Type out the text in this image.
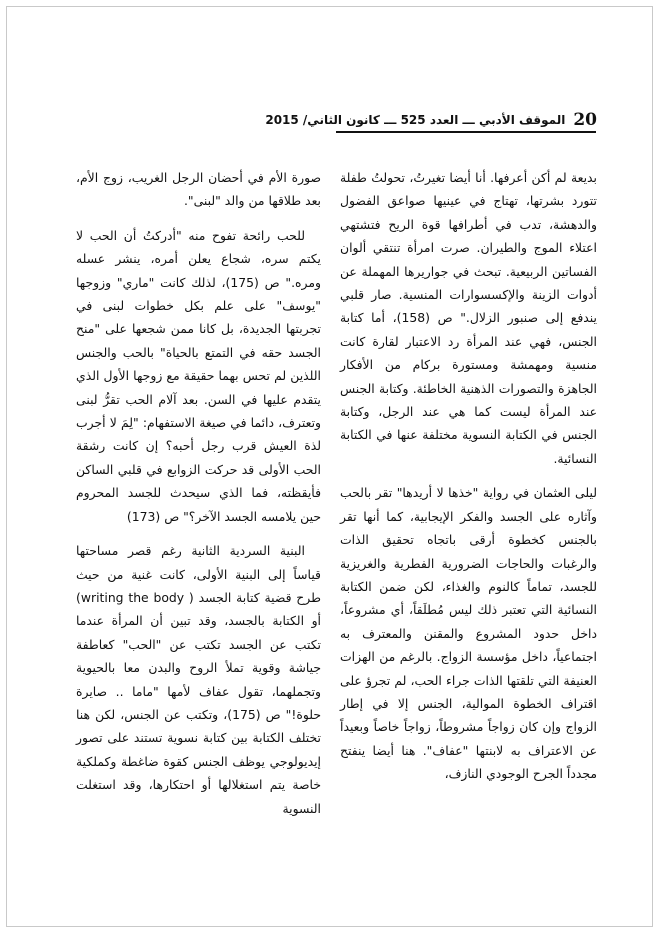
20
الموقف الأدبي ـــ العدد 525 ـــ كانون الثاني/ 2015

بديعة لم أكن أعرفها. أنا أيضا تغيرتُ، تحولتُ طفلة تتورد بشرتها، تهتاج في عينيها صواعق الفضول والدهشة، تدب في أطرافها قوة الريح فتشتهي اعتلاء الموج والطيران. صرت امرأة تنتقي ألوان الفساتين الربيعية. تبحث في جواريرها المهملة عن أدوات الزينة والإكسسوارات المنسية. صار قلبي يندفع إلى صنبور الزلال." ص (158)، أما كتابة الجنس، فهي عند المرأة رد الاعتبار لقارة كانت منسية ومهمشة ومستورة بركام من الأفكار الجاهزة والتصورات الذهنية الخاطئة. وكتابة الجنس عند المرأة ليست كما هي عند الرجل، وكتابة الجنس في الكتابة النسوية مختلفة عنها في الكتابة النسائية.

ليلى العثمان في رواية "خذها لا أريدها" تقر بالحب وآثاره على الجسد والفكر الإيجابية، كما أنها تقر بالجنس كخطوة أرقى باتجاه تحقيق الذات والرغبات والحاجات الضرورية الفطرية والغريزية للجسد، تماماً كالنوم والغذاء، لكن ضمن الكتابة النسائية التي تعتبر ذلك ليس مُطلَقاً، أي مشروعاً، داخل حدود المشروع والمقنن والمعترف به اجتماعياً، داخل مؤسسة الزواج. بالرغم من الهزات العنيفة التي تلقتها الذات جراء الحب، لم تجرؤ على اقتراف الخطوة الموالية، الجنس إلا في إطار الزواج وإن كان زواجاً مشروطاً، زواجاً خاصاً وبعيداً عن الاعتراف به لابنتها "عفاف". هنا أيضا ينفتح مجدداً الجرح الوجودي النازف،

صورة الأم في أحضان الرجل الغريب، زوج الأم، بعد طلاقها من والد "لبنى".

للحب رائحة تفوح منه "أدركتُ أن الحب لا يكتم سره، شجاع يعلن أمره، ينشر عسله ومره." ص (175)، لذلك كانت "ماري" وزوجها "يوسف" على علم بكل خطوات لبنى في تجربتها الجديدة، بل كانا ممن شجعها على "منح الجسد حقه في التمتع بالحياة" بالحب والجنس اللذين لم تحس بهما حقيقة مع زوجها الأول الذي يتقدم عليها في السن. بعد آلام الحب تقرُّ لبنى وتعترف، دائما في صيغة الاستفهام: "لِمَ لا أجرب لذة العيش قرب رجل أحبه؟ إن كانت رشقة الحب الأولى قد حركت الزوابع في قلبي الساكن فأيقظته، فما الذي سيحدث للجسد المحروم حين يلامسه الجسد الآخر؟" ص (173)

البنية السردية الثانية رغم قصر مساحتها قياساً إلى البنية الأولى، كانت غنية من حيث طرح قضية كتابة الجسد ( writing the body) أو الكتابة بالجسد، وقد تبين أن المرأة عندما تكتب عن الجسد تكتب عن "الحب" كعاطفة جياشة وقوية تملأ الروح والبدن معا بالحيوية وتجملهما، تقول عفاف لأمها "ماما .. صايرة حلوة!" ص (175)، وتكتب عن الجنس، لكن هنا تختلف الكتابة بين كتابة نسوية تستند على تصور إيديولوجي يوظف الجنس كقوة ضاغطة وكملكية خاصة يتم استغلالها أو احتكارها، وقد استغلت النسوية
